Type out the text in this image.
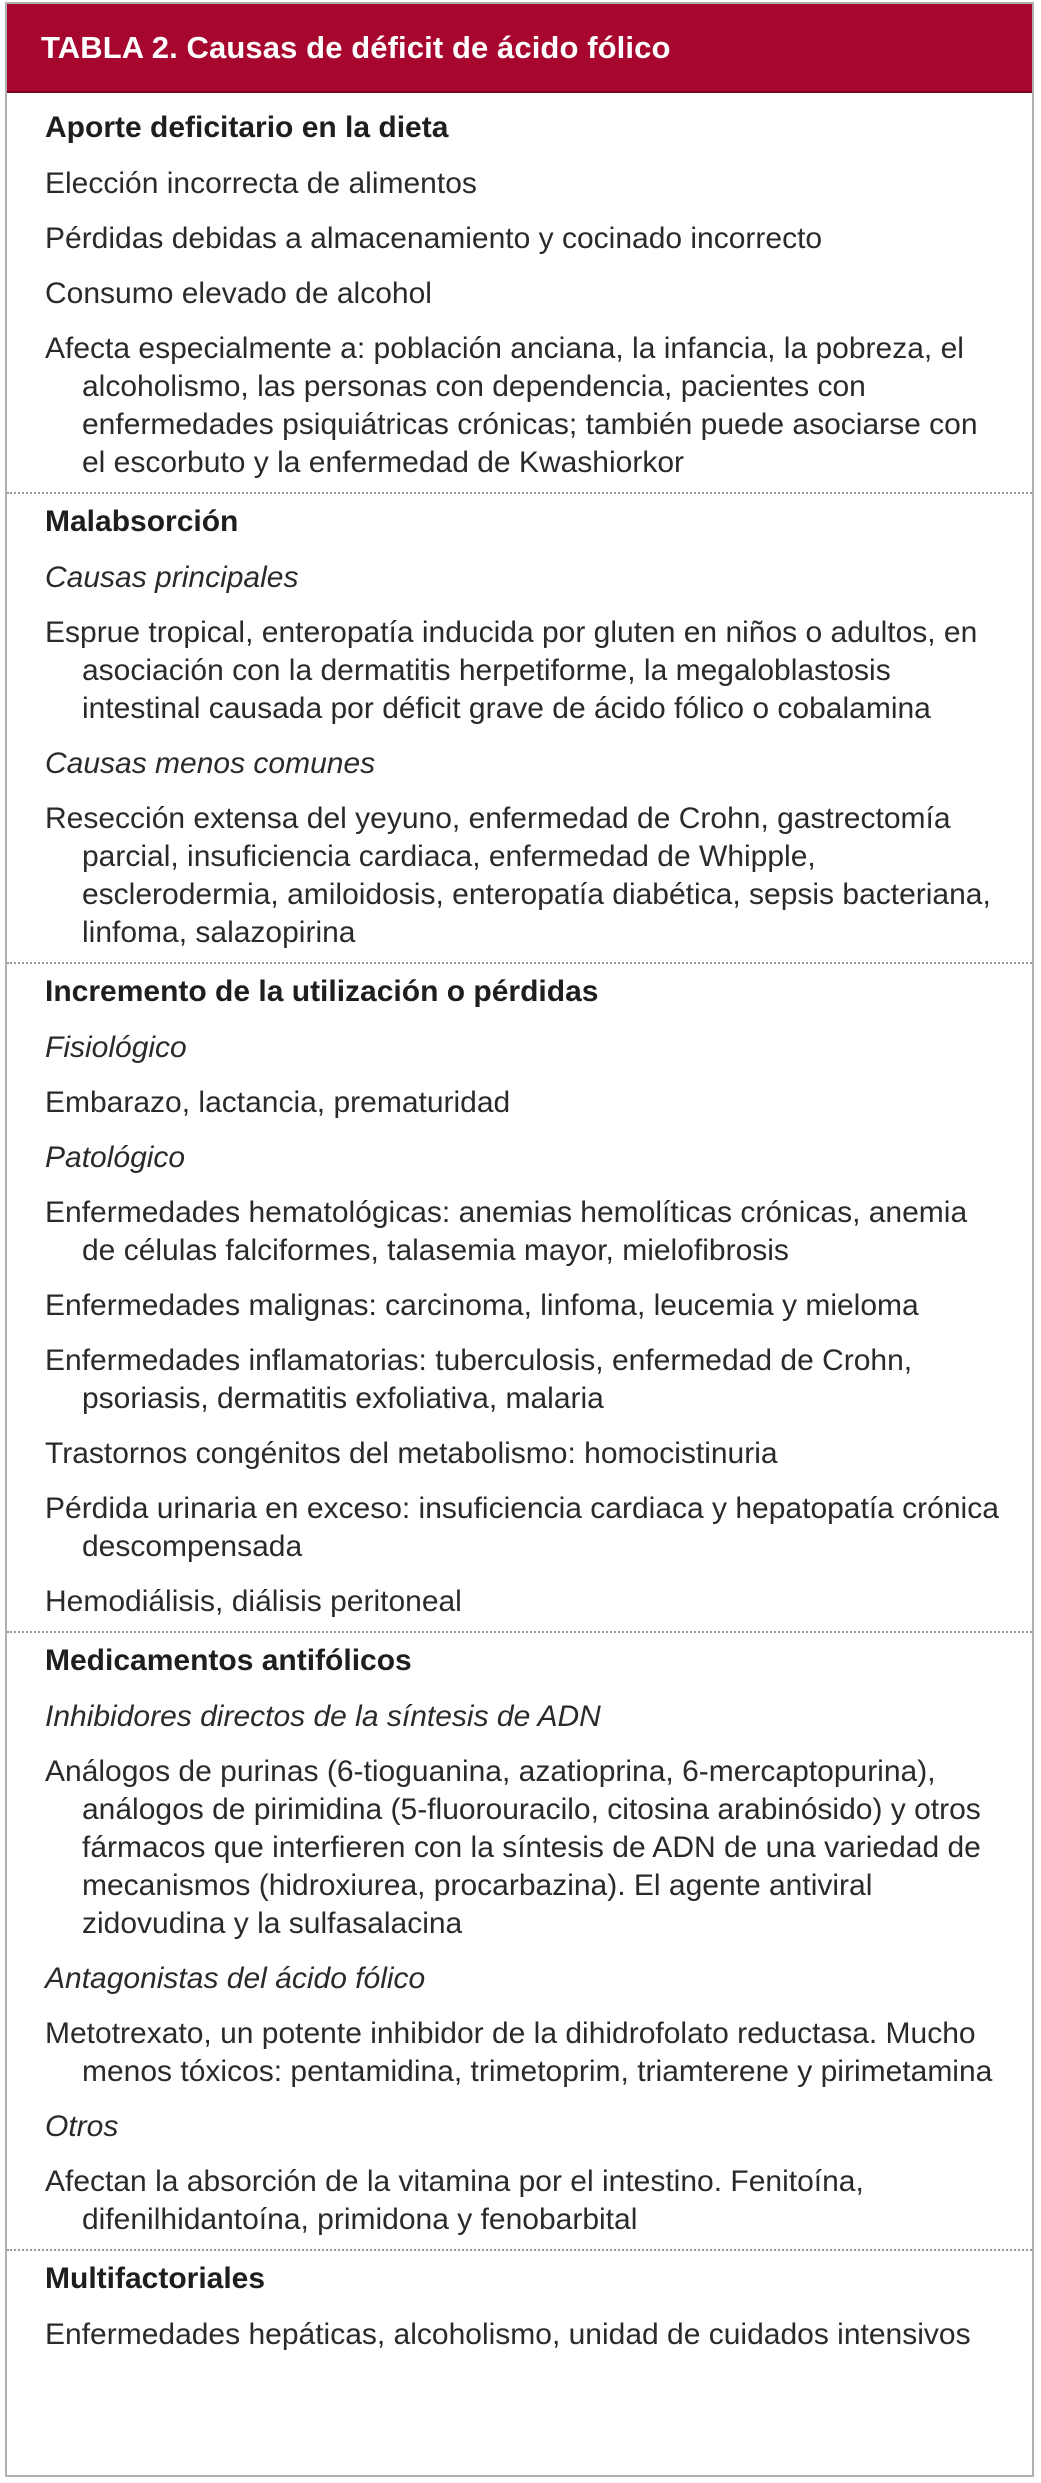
TABLA 2. Causas de déficit de ácido fólico
Aporte deficitario en la dieta
Elección incorrecta de alimentos
Pérdidas debidas a almacenamiento y cocinado incorrecto
Consumo elevado de alcohol
Afecta especialmente a: población anciana, la infancia, la pobreza, el alcoholismo, las personas con dependencia, pacientes con enfermedades psiquiátricas crónicas; también puede asociarse con el escorbuto y la enfermedad de Kwashiorkor
Malabsorción
Causas principales
Esprue tropical, enteropatía inducida por gluten en niños o adultos, en asociación con la dermatitis herpetiforme, la megaloblastosis intestinal causada por déficit grave de ácido fólico o cobalamina
Causas menos comunes
Resección extensa del yeyuno, enfermedad de Crohn, gastrectomía parcial, insuficiencia cardiaca, enfermedad de Whipple, esclerodermia, amiloidosis, enteropatía diabética, sepsis bacteriana, linfoma, salazopirina
Incremento de la utilización o pérdidas
Fisiológico
Embarazo, lactancia, prematuridad
Patológico
Enfermedades hematológicas: anemias hemolíticas crónicas, anemia de células falciformes, talasemia mayor, mielofibrosis
Enfermedades malignas: carcinoma, linfoma, leucemia y mieloma
Enfermedades inflamatorias: tuberculosis, enfermedad de Crohn, psoriasis, dermatitis exfoliativa, malaria
Trastornos congénitos del metabolismo: homocistinuria
Pérdida urinaria en exceso: insuficiencia cardiaca y hepatopatía crónica descompensada
Hemodiálisis, diálisis peritoneal
Medicamentos antifólicos
Inhibidores directos de la síntesis de ADN
Análogos de purinas (6-tioguanina, azatioprina, 6-mercaptopurina), análogos de pirimidina (5-fluorouracilo, citosina arabinósido) y otros fármacos que interfieren con la síntesis de ADN de una variedad de mecanismos (hidroxiurea, procarbazina). El agente antiviral zidovudina y la sulfasalacina
Antagonistas del ácido fólico
Metotrexato, un potente inhibidor de la dihidrofolato reductasa. Mucho menos tóxicos: pentamidina, trimetoprim, triamterene y pirimetamina
Otros
Afectan la absorción de la vitamina por el intestino. Fenitoína, difenilhidantoína, primidona y fenobarbital
Multifactoriales
Enfermedades hepáticas, alcoholismo, unidad de cuidados intensivos
